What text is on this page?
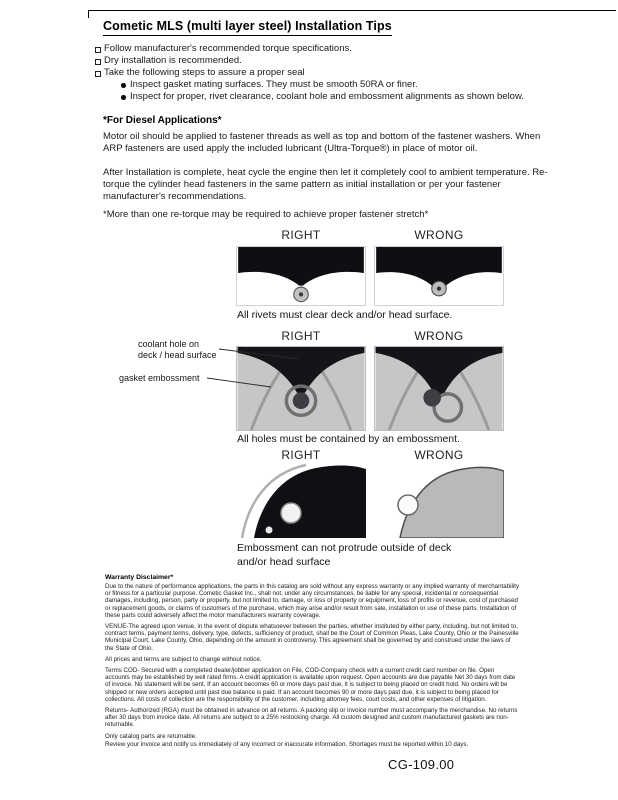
Cometic MLS (multi layer steel) Installation Tips
Follow manufacturer's recommended torque specifications.
Dry installation is recommended.
Take the following steps to assure a proper seal
Inspect gasket mating surfaces. They must be smooth 50RA or finer.
Inspect for proper, rivet clearance, coolant hole and embossment alignments as shown below.
*For Diesel Applications*
Motor oil should be applied to fastener threads as well as top and bottom of the fastener washers. When ARP fasteners are used apply the included lubricant (Ultra-Torque®) in place of motor oil.
After Installation is complete, heat cycle the engine then let it completely cool to ambient temperature. Re-torque the cylinder head fasteners in the same pattern as initial installation or per your fastener manufacturer's recommendations.
*More than one re-torque may be required to achieve proper fastener stretch*
RIGHT	WRONG
All rivets must clear deck and/or head surface.
RIGHT	WRONG
coolant hole on
deck / head surface
gasket embossment
All holes must be contained by an embossment.
RIGHT	WRONG
Embossment can not protrude outside of deck
and/or head surface
Warranty Disclaimer*

Due to the nature of performance applications, the parts in this catalog are sold without any express warranty or any implied warranty of merchantability or fitness for a particular purpose. Cometic Gasket Inc., shall not, under any circumstances, be liable for any special, incidental or consequential damages, including, person, party or property, but not limited to, damage, or loss of property or equipment, loss of profits or revenue, cost of purchased or replacement goods, or claims of customers of the purchase, which may arise and/or result from sale, installation or use of these parts. Installation of these parts could adversely affect the motor manufacturers warranty coverage.

VENUE-The agreed upon venue, in the event of dispute whatsoever between the parties, whether instituted by either party, including, but not limited to, contract terms, payment terms, delivery, type, defects, sufficiency of product, shall be the Court of Common Pleas, Lake County, Ohio or the Painesville Municipal Court, Lake County, Ohio, depending on the amount in controversy. This agreement shall be governed by and construed under the laws of the State of Ohio.

All prices and terms are subject to change without notice.

Terms COD- Secured with a completed dealer/jobber application on File, COD-Company check with a current credit card number on file. Open accounts may be established by well rated firms. A credit application is available upon request. Open accounts are due payable Net 30 days from date of invoice. No statement will be sent. If an account becomes 60 or more days past due, it is subject to being placed on credit hold. No orders will be shipped or new orders accepted until past due balance is paid. If an account becomes 90 or more days past due, it is subject to being placed for collections. All costs of collection are the responsibility of the customer, including attorney fees, court costs, and other expenses of litigation.

Returns- Authorized (RGA) must be obtained in advance on all returns. A packing slip or invoice number must accompany the merchandise. No returns after 30 days from invoice date. All returns are subject to a 25% restocking charge. All custom designed and custom manufactured gaskets are non-returnable.

Only catalog parts are returnable.

Review your invoice and notify us immediately of any incorrect or inaccurate information. Shortages must be reported within 10 days.

CG-109.00
